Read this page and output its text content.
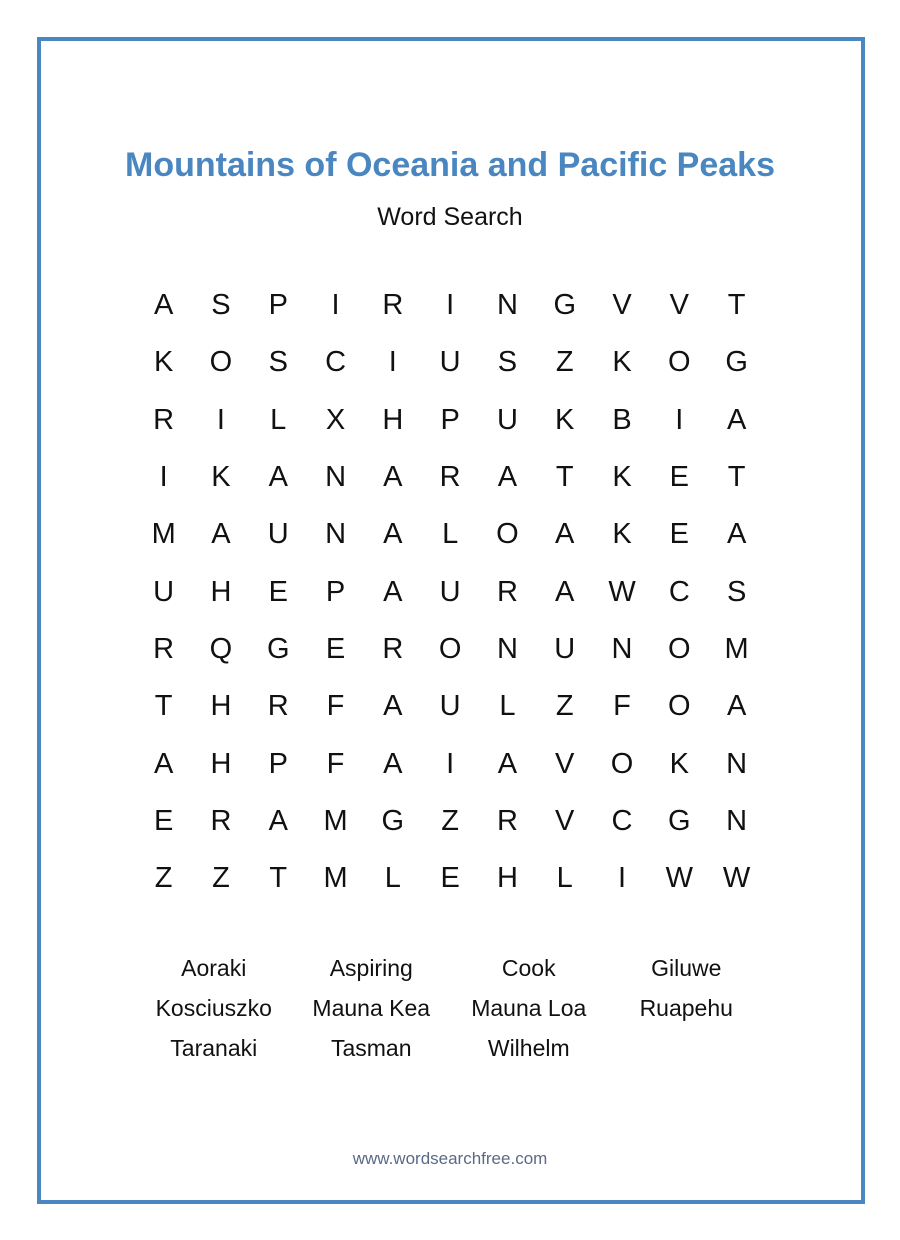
Mountains of Oceania and Pacific Peaks
Word Search
A	S	P	I	R	I	N	G	V	V	T
K	O	S	C	I	U	S	Z	K	O	G
R	I	L	X	H	P	U	K	B	I	A
I	K	A	N	A	R	A	T	K	E	T
M	A	U	N	A	L	O	A	K	E	A
U	H	E	P	A	U	R	A	W	C	S
R	Q	G	E	R	O	N	U	N	O	M
T	H	R	F	A	U	L	Z	F	O	A
A	H	P	F	A	I	A	V	O	K	N
E	R	A	M	G	Z	R	V	C	G	N
Z	Z	T	M	L	E	H	L	I	W	W
Aoraki	Aspiring	Cook	Giluwe
Kosciuszko	Mauna Kea	Mauna Loa	Ruapehu
Taranaki	Tasman	Wilhelm
www.wordsearchfree.com
